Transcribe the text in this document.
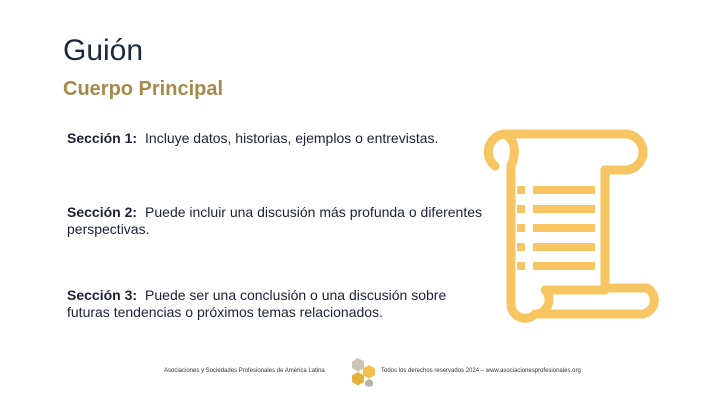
Guión
Cuerpo Principal
Sección 1: Incluye datos, historias, ejemplos o entrevistas.
Sección 2: Puede incluir una discusión más profunda o diferentes perspectivas.
Sección 3: Puede ser una conclusión o una discusión sobre futuras tendencias o próximos temas relacionados.
Asociaciones y Sociedades Profesionales de América Latina	Todos los derechos reservados 2024 – www.asociacionesprofesionales.org
